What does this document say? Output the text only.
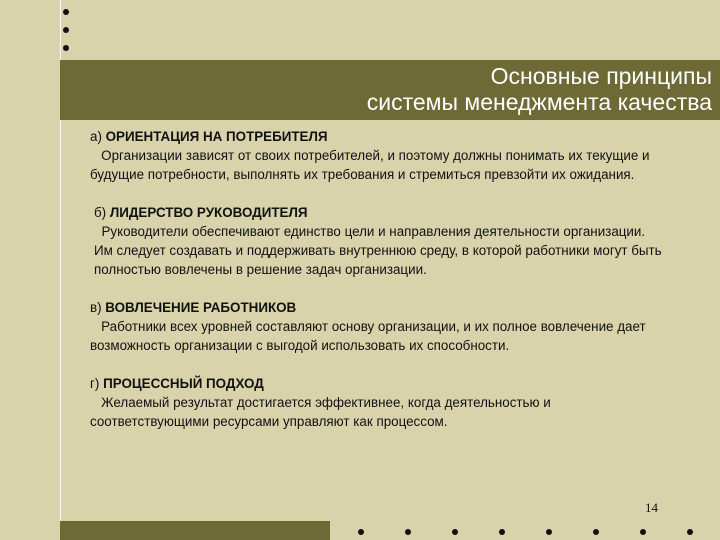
Основные принципы
системы менеджмента качества
а) ОРИЕНТАЦИЯ НА ПОТРЕБИТЕЛЯ
Организации зависят от своих потребителей, и поэтому должны понимать их текущие и будущие потребности, выполнять их требования и стремиться превзойти их ожидания.
б) ЛИДЕРСТВО РУКОВОДИТЕЛЯ
Руководители обеспечивают единство цели и направления деятельности организации. Им следует создавать и поддерживать внутреннюю среду, в которой работники могут быть полностью вовлечены в решение задач организации.
в) ВОВЛЕЧЕНИЕ РАБОТНИКОВ
Работники всех уровней составляют основу организации, и их полное вовлечение дает возможность организации с выгодой использовать их способности.
г) ПРОЦЕССНЫЙ ПОДХОД
Желаемый результат достигается эффективнее, когда деятельностью и соответствующими ресурсами управляют как процессом.
14
